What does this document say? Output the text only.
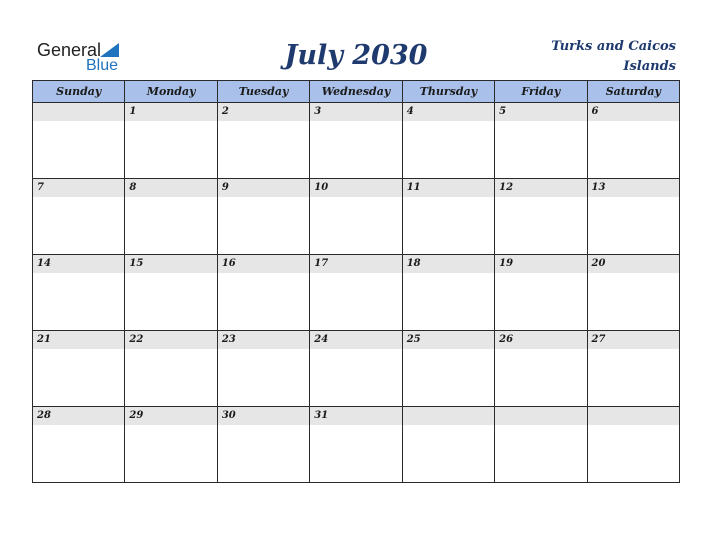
General
Blue	July 2030	Turks and Caicos
Islands
Sunday	Monday	Tuesday	Wednesday	Thursday	Friday	Saturday

	1	2	3	4	5	6

7	8	9	10	11	12	13

14	15	16	17	18	19	20

21	22	23	24	25	26	27

28	29	30	31			
